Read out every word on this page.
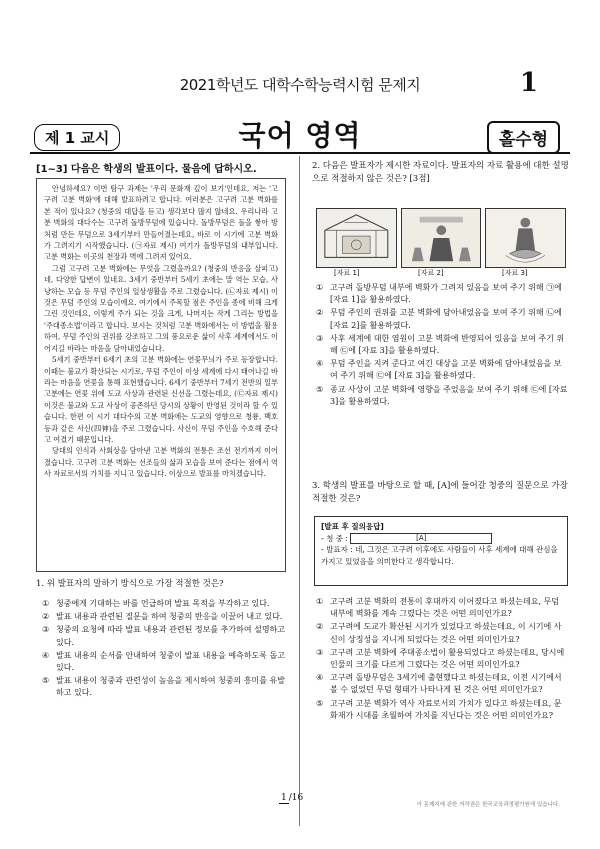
2021학년도 대학수학능력시험 문제지	1
제 1 교시	국어 영역	홀수형
[1~3] 다음은 학생의 발표이다. 물음에 답하시오.

안녕하세요? 이번 탐구 과제는 '우리 문화재 깊이 보기'인데요, 저는 '고구려 고분 벽화'에 대해 발표하려고 합니다. 여러분은 고구려 고분 벽화를 본 적이 있나요? (청중의 대답을 듣고) 생각보다 많지 않네요. 우리나라 고분 벽화의 대다수는 고구려 돌방무덤에 있습니다. 돌방무덤은 돌을 쌓아 방처럼 만든 무덤으로 3세기부터 만들어졌는데요, 바로 이 시기에 고분 벽화가 그려지기 시작했습니다. (㉠자료 제시) 여기가 돌방무덤의 내부입니다. 고분 벽화는 이곳의 천장과 벽에 그려져 있어요.

그럼 고구려 고분 벽화에는 무엇을 그렸을까요? (청중의 반응을 살피고) 네, 다양한 답변이 있네요. 3세기 중반부터 5세기 초에는 말 역는 모습, 사냥하는 모습 등 무덤 주인의 일상생활을 주로 그렸습니다. (㉡자료 제시) 이것은 무덤 주인의 모습이에요. 여기에서 주목할 점은 주인을 종에 비해 크게 그린 것인데요, 이렇게 주가 되는 것을 크게, 나머지는 작게 그리는 방법을 '주대종소법'이라고 합니다. 보시는 것처럼 고분 벽화에서는 이 방법을 활용하여, 무덤 주인의 권위를 강조하고 그의 풍요로운 삶이 사후 세계에서도 이어지길 바라는 마음을 담아내었습니다.

5세기 중반부터 6세기 초의 고분 벽화에는 연꽃무늬가 주로 등장합니다. 이때는 불교가 확산되는 시기로, 무덤 주인이 이상 세계에 다시 태어나길 바라는 마음을 연꽃을 통해 표현했습니다. 6세기 중반부터 7세기 전반의 일부 고분에는 연꽃 위에 도교 사상과 관련된 신선을 그렸는데요, (㉢자료 제시) 이것은 불교와 도교 사상이 공존하던 당시의 상황이 반영된 것이라 할 수 있습니다. 한편 이 시기 대다수의 고분 벽화에는 도교의 영향으로 청룡, 백호 등과 같은 사신(四神)을 주로 그렸습니다. 사신이 무덤 주인을 수호해 준다고 여겼기 때문입니다.

당대의 인식과 사회상을 담아낸 고분 벽화의 전통은 조선 전기까지 이어졌습니다. 고구려 고분 벽화는 선조들의 삶과 모습을 보여 준다는 점에서 역사 자료로서의 가치를 지니고 있습니다. 이상으로 발표를 마치겠습니다.

1. 위 발표자의 말하기 방식으로 가장 적절한 것은?
① 청중에게 기대하는 바를 언급하며 발표 목적을 부각하고 있다.
② 발표 내용과 관련된 질문을 하여 청중의 반응을 이끌어 내고 있다.
③ 청중의 요청에 따라 발표 내용과 관련된 정보를 추가하여 설명하고 있다.
④ 발표 내용의 순서를 안내하여 청중이 발표 내용을 예측하도록 돕고 있다.
⑤ 발표 내용이 청중과 관련성이 높음을 제시하여 청중의 흥미를 유발하고 있다.
2. 다음은 발표자가 제시한 자료이다. 발표자의 자료 활용에 대한 설명으로 적절하지 않은 것은? [3점]
[자료 1]	[자료 2]	[자료 3]
① 고구려 돌방무덤 내부에 벽화가 그려져 있음을 보여 주기 위해 ㉠에 [자료 1]을 활용하였다.
② 무덤 주인의 권위를 고분 벽화에 담아내었음을 보여 주기 위해 ㉡에 [자료 2]를 활용하였다.
③ 사후 세계에 대한 염원이 고분 벽화에 반영되어 있음을 보여 주기 위해 ㉢에 [자료 3]을 활용하였다.
④ 무덤 주인을 지켜 준다고 여긴 대상을 고분 벽화에 담아내었음을 보여 주기 위해 ㉢에 [자료 3]을 활용하였다.
⑤ 종교 사상이 고분 벽화에 영향을 주었음을 보여 주기 위해 ㉢에 [자료 3]을 활용하였다.
3. 학생의 발표를 바탕으로 할 때, [A]에 들어갈 청중의 질문으로 가장 적절한 것은?
[발표 후 질의응답]
- 청 중 :	[A]
- 발표자 : 네, 그것은 고구려 이후에도 사람들이 사후 세계에 대해 관심을 가지고 있었음을 의미한다고 생각합니다.
① 고구려 고분 벽화의 전통이 후대까지 이어졌다고 하셨는데요, 무덤 내부에 벽화를 계속 그렸다는 것은 어떤 의미인가요?
② 고구려에 도교가 확산된 시기가 있었다고 하셨는데요, 이 시기에 사신이 상징성을 지니게 되었다는 것은 어떤 의미인가요?
③ 고구려 고분 벽화에 주대종소법이 활용되었다고 하셨는데요, 당시에 인물의 크기를 다르게 그렸다는 것은 어떤 의미인가요?
④ 고구려 돌방무덤은 3세기에 출현했다고 하셨는데요, 이전 시기에서 볼 수 없었던 무덤 형태가 나타나게 된 것은 어떤 의미인가요?
⑤ 고구려 고분 벽화가 역사 자료로서의 가치가 있다고 하셨는데요, 문화재가 시대를 초월하여 가치를 지닌다는 것은 어떤 의미인가요?
1 /16
이 문제지에 관한 저작권은 한국교육과정평가원에 있습니다.
